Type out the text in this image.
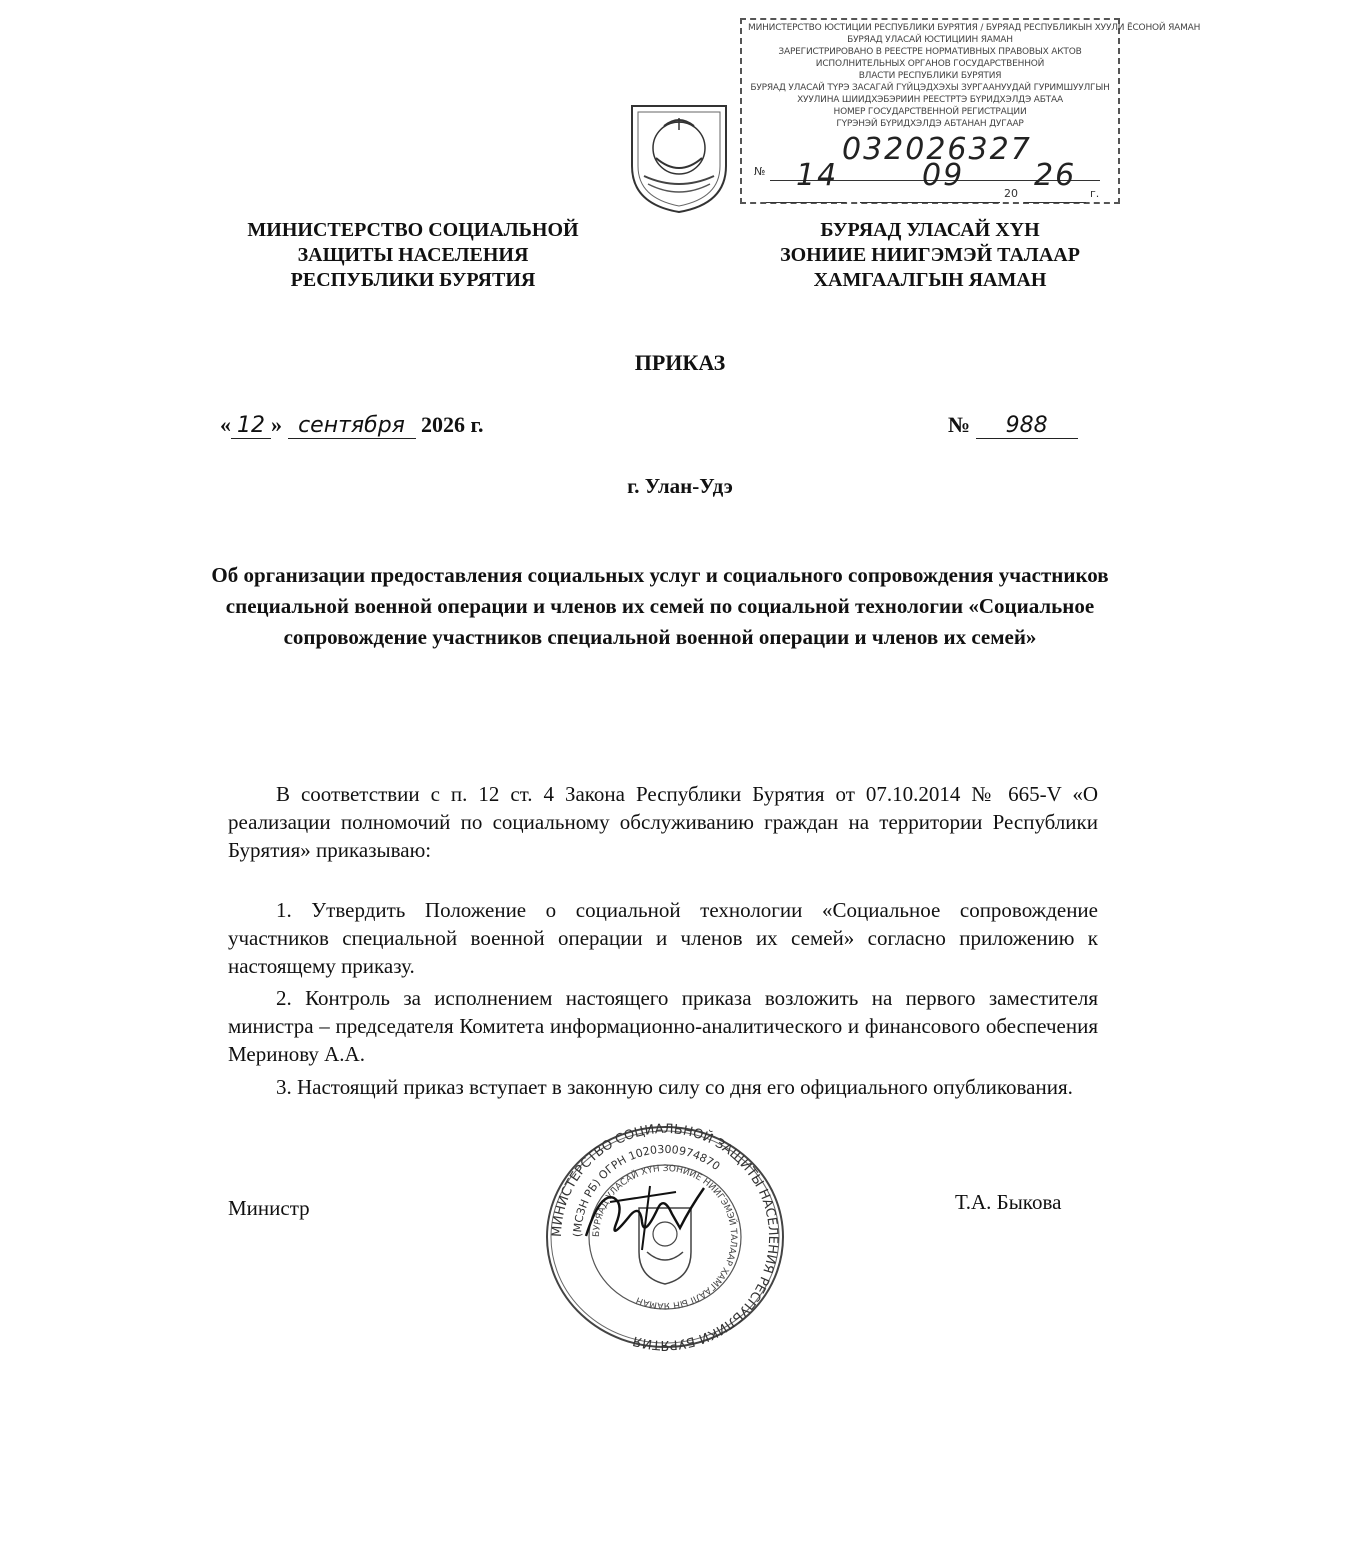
МИНИСТЕРСТВО ЮСТИЦИИ РЕСПУБЛИКИ БУРЯТИЯ / БУРЯАД РЕСПУБЛИКЫН ХУУЛИ ЁСОНОЙ ЯАМАН
БУРЯАД УЛАСАЙ ЮСТИЦИИН ЯАМАН
ЗАРЕГИСТРИРОВАНО В РЕЕСТРЕ НОРМАТИВНЫХ ПРАВОВЫХ АКТОВ
ИСПОЛНИТЕЛЬНЫХ ОРГАНОВ ГОСУДАРСТВЕННОЙ
ВЛАСТИ РЕСПУБЛИКИ БУРЯТИЯ
БУРЯАД УЛАСАЙ ТҮРЭ ЗАСАГАЙ ГҮЙЦЭДХЭХЫ ЗУРГААНУУДАЙ ГУРИМШУУЛГЫН
ХУУЛИНА ШИИДХЭБЭРИИН РЕЕСТРТЭ БҮРИДХЭЛДЭ АБТАА
НОМЕР ГОСУДАРСТВЕННОЙ РЕГИСТРАЦИИ
ГҮРЭНЭЙ БҮРИДХЭЛДЭ АБТАНАН ДУГААР
№
032026327
14	09
20
26
г.
МИНИСТЕРСТВО СОЦИАЛЬНОЙ
ЗАЩИТЫ НАСЕЛЕНИЯ
РЕСПУБЛИКИ БУРЯТИЯ
БУРЯАД УЛАСАЙ ХҮН
ЗОНИИЕ НИИГЭМЭЙ ТАЛААР
ХАМГААЛГЫН ЯАМАН
ПРИКАЗ
« 12 » сентября 2026 г.	№ 988
г. Улан-Удэ
Об организации предоставления социальных услуг и социального сопровождения участников специальной военной операции и членов их семей по социальной технологии «Социальное сопровождение участников специальной военной операции и членов их семей»
В соответствии с п. 12 ст. 4 Закона Республики Бурятия от 07.10.2014 № 665-V «О реализации полномочий по социальному обслуживанию граждан на территории Республики Бурятия» приказываю:
1. Утвердить Положение о социальной технологии «Социальное сопровождение участников специальной военной операции и членов их семей» согласно приложению к настоящему приказу.
2. Контроль за исполнением настоящего приказа возложить на первого заместителя министра – председателя Комитета информационно-аналитического и финансового обеспечения Меринову А.А.
3. Настоящий приказ вступает в законную силу со дня его официального опубликования.
Министр	Т.А. Быкова
МИНИСТЕРСТВО СОЦИАЛЬНОЙ ЗАЩИТЫ НАСЕЛЕНИЯ РЕСПУБЛИКИ БУРЯТИЯ
(МСЗН РБ) ОГРН 1020300974870
БУРЯАД УЛАСАЙ ХҮН ЗОНИИЕ НИИГЭМЭЙ ТАЛААР ХАМГААЛГЫН ЯАМАН
